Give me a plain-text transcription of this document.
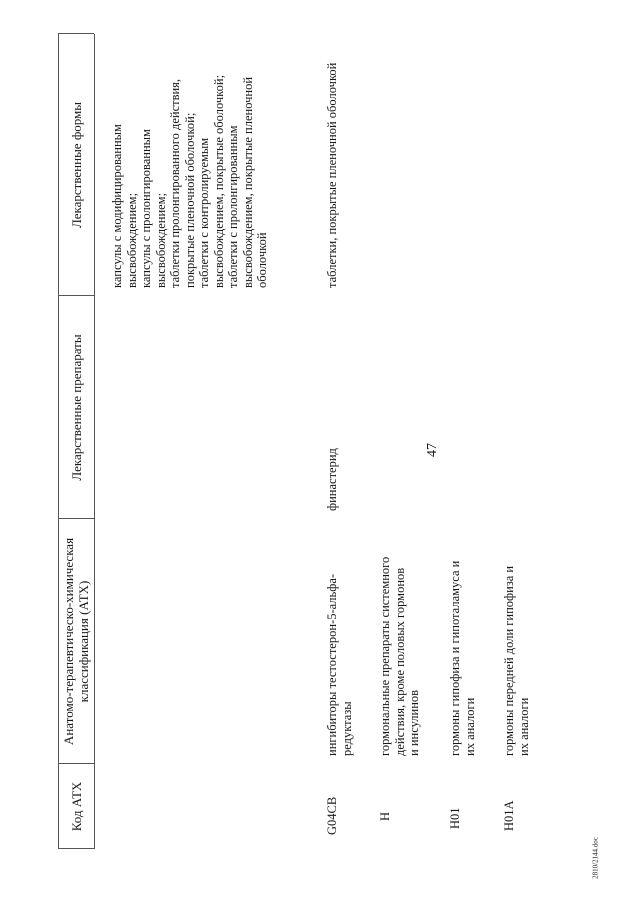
47
2810/2144.doc
Код АТХ
Анатомо-терапевтическо-химическая классификация (АТХ)
Лекарственные препараты
Лекарственные формы	капсулы с модифицированным высвобождением; капсулы с пролонгированным высвобождением; таблетки пролонгированного действия, покрытые пленочной оболочкой; таблетки с контролируемым высвобождением, покрытые оболочкой; таблетки с пролонгированным высвобождением, покрытые пленочной оболочкой
G04CB
ингибиторы тестостерон-5-альфа- редуктазы
финастерид
таблетки, покрытые пленочной оболочкой
H
гормональные препараты системного действия, кроме половых гормонов и инсулинов
H01
гормоны гипофиза и гипоталамуса и их аналоги
H01A
гормоны передней доли гипофиза и их аналоги
